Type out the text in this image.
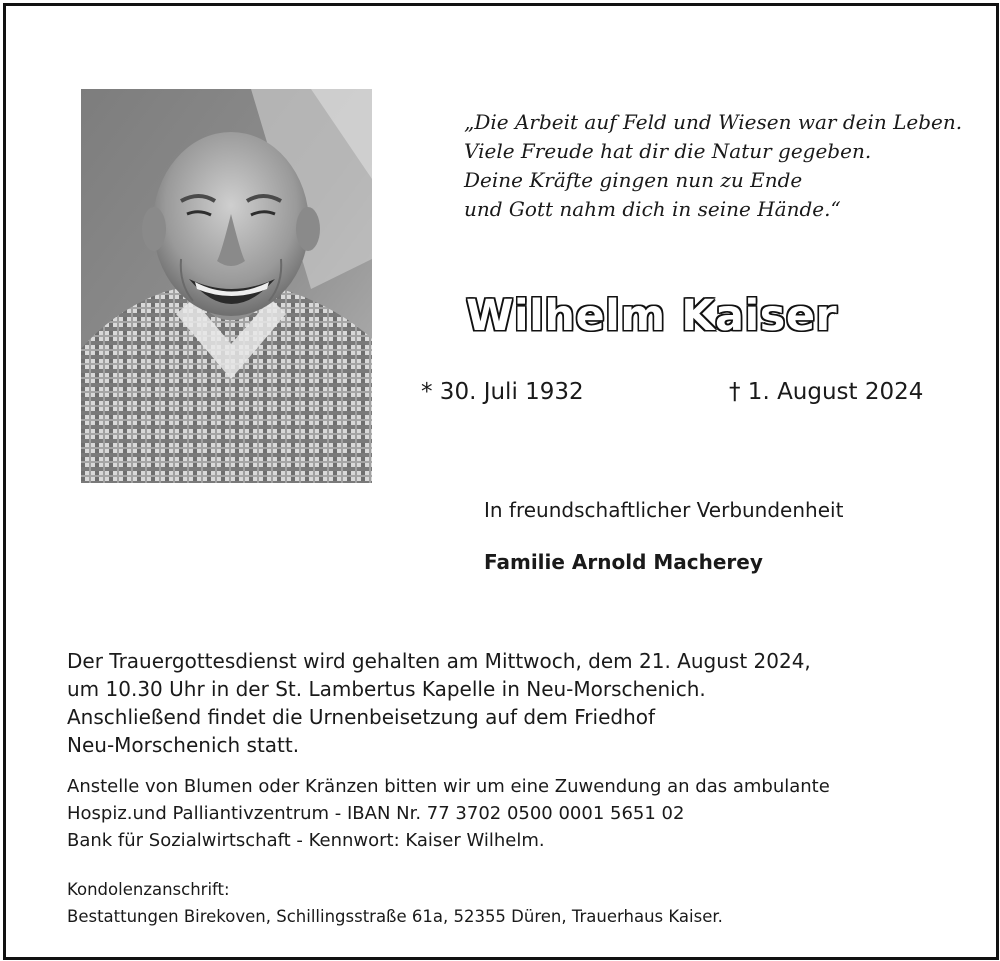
„Die Arbeit auf Feld und Wiesen war dein Leben.
Viele Freude hat dir die Natur gegeben.
Deine Kräfte gingen nun zu Ende
und Gott nahm dich in seine Hände.“
Wilhelm Kaiser
* 30. Juli 1932	† 1. August 2024
In freundschaftlicher Verbundenheit
Familie Arnold Macherey
Der Trauergottesdienst wird gehalten am Mittwoch, dem 21. August 2024,
um 10.30 Uhr in der St. Lambertus Kapelle in Neu-Morschenich.
Anschließend findet die Urnenbeisetzung auf dem Friedhof
Neu-Morschenich statt.
Anstelle von Blumen oder Kränzen bitten wir um eine Zuwendung an das ambulante
Hospiz.und Palliantivzentrum - IBAN Nr. 77 3702 0500 0001 5651 02
Bank für Sozialwirtschaft - Kennwort: Kaiser Wilhelm.
Kondolenzanschrift:
Bestattungen Birekoven, Schillingsstraße 61a, 52355 Düren, Trauerhaus Kaiser.
